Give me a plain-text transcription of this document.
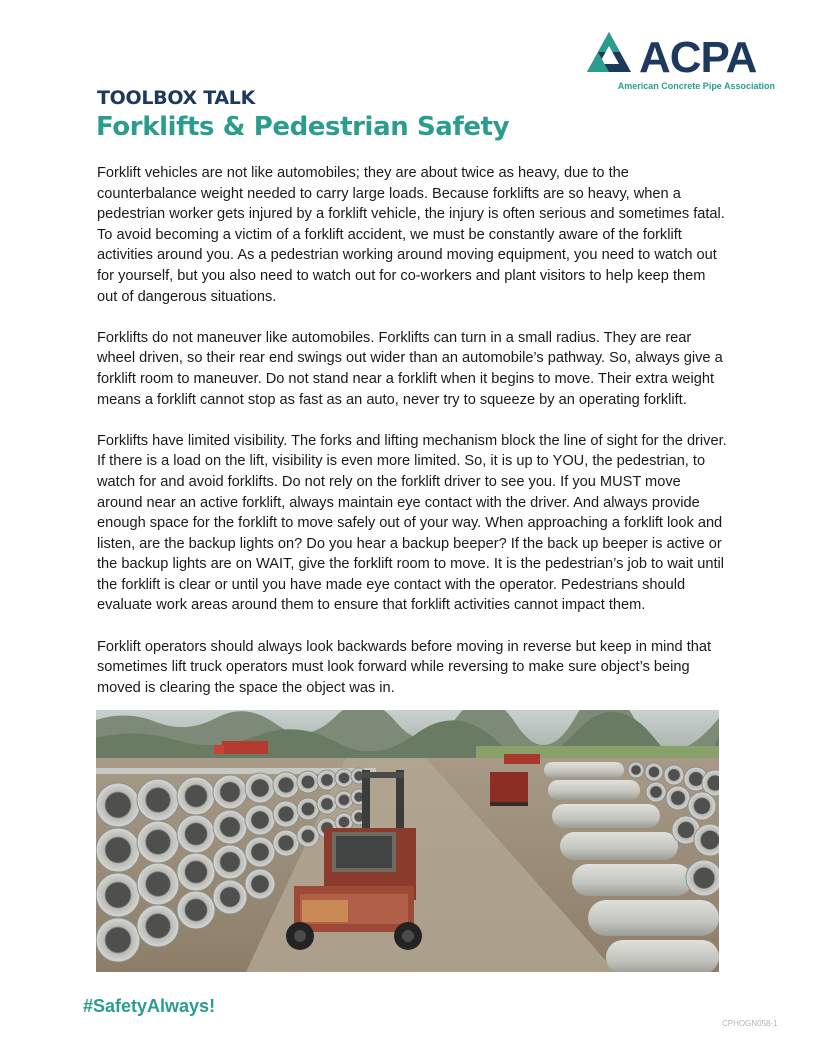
ACPA
American Concrete Pipe Association
TOOLBOX TALK
Forklifts & Pedestrian Safety

Forklift vehicles are not like automobiles; they are about twice as heavy, due to the counterbalance weight needed to carry large loads. Because forklifts are so heavy, when a pedestrian worker gets injured by a forklift vehicle, the injury is often serious and sometimes fatal. To avoid becoming a victim of a forklift accident, we must be constantly aware of the forklift activities around you. As a pedestrian working around moving equipment, you need to watch out for yourself, but you also need to watch out for co-workers and plant visitors to help keep them out of dangerous situations.

Forklifts do not maneuver like automobiles. Forklifts can turn in a small radius. They are rear wheel driven, so their rear end swings out wider than an automobile’s pathway. So, always give a forklift room to maneuver. Do not stand near a forklift when it begins to move. Their extra weight means a forklift cannot stop as fast as an auto, never try to squeeze by an operating forklift.

Forklifts have limited visibility. The forks and lifting mechanism block the line of sight for the driver. If there is a load on the lift, visibility is even more limited. So, it is up to YOU, the pedestrian, to watch for and avoid forklifts. Do not rely on the forklift driver to see you. If you MUST move around near an active forklift, always maintain eye contact with the driver. And always provide enough space for the forklift to move safely out of your way. When approaching a forklift look and listen, are the backup lights on? Do you hear a backup beeper? If the back up beeper is active or the backup lights are on WAIT, give the forklift room to move. It is the pedestrian’s job to wait until the forklift is clear or until you have made eye contact with the operator. Pedestrians should evaluate work areas around them to ensure that forklift activities cannot impact them.

Forklift operators should always look backwards before moving in reverse but keep in mind that sometimes lift truck operators must look forward while reversing to make sure object’s being moved is clearing the space the object was in.

#SafetyAlways!
CPHOGN058-1
